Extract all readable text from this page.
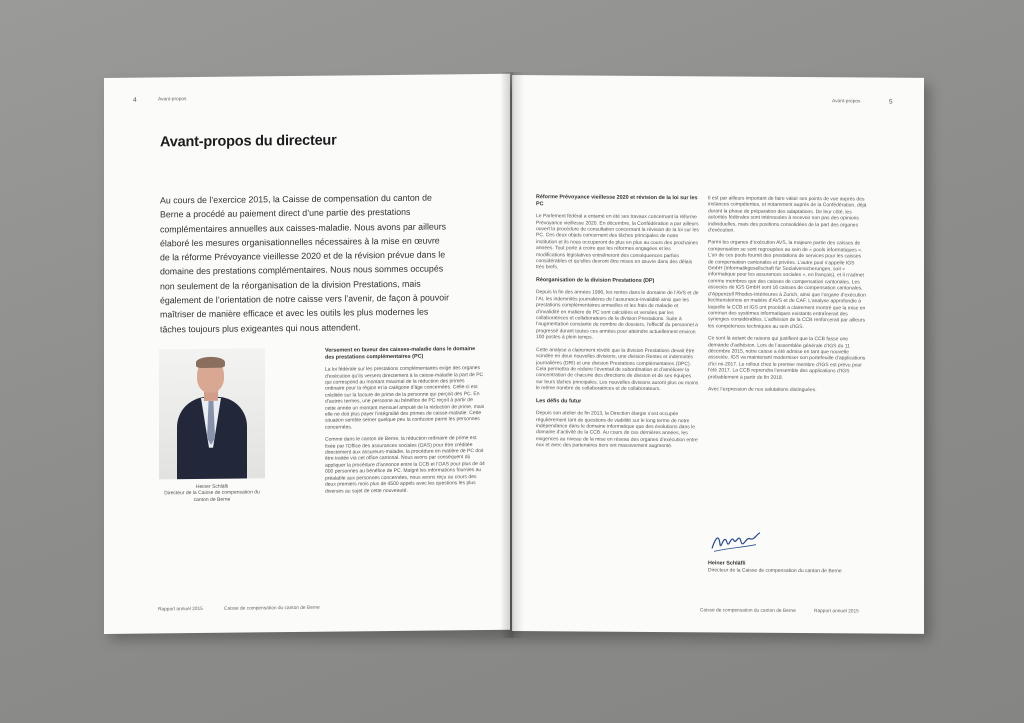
4	Avant-propos
Avant-propos du directeur
Au cours de l’exercice 2015, la Caisse de compensation du canton de Berne a procédé au paiement direct d’une partie des prestations complémentaires annuelles aux caisses-maladie. Nous avons par ailleurs élaboré les mesures organisationnelles nécessaires à la mise en œuvre de la réforme Prévoyance vieillesse 2020 et de la révision prévue dans le domaine des prestations complémentaires. Nous nous sommes occupés non seulement de la réorganisation de la division Prestations, mais également de l’orientation de notre caisse vers l’avenir, de façon à pouvoir maîtriser de manière efficace et avec les outils les plus modernes les tâches toujours plus exigeantes qui nous attendent.
Heiner Schläfli
Directeur de la Caisse de compensation du canton de Berne

Versement en faveur des caisses-maladie dans le domaine des prestations complémentaires (PC)

La loi fédérale sur les prestations complémentaires exige des organes d’exécution qu’ils versent directement à la caisse-maladie la part de PC qui correspond au montant maximal de la réduction des primes ordinaire pour la région et la catégorie d’âge concernées. Celle-ci est créditée sur la facture de prime de la personne qui perçoit des PC. En d’autres termes, une personne au bénéfice de PC reçoit à partir de cette année un montant mensuel amputé de la réduction de prime, mais elle ne doit plus payer l’intégralité des primes de caisse-maladie. Cette situation semble semer quelque peu la confusion parmi les personnes concernées.

Comme dans le canton de Berne, la réduction ordinaire de prime est fixée par l’Office des assurances sociales (OAS) pour être créditée directement aux assureurs-maladie, la procédure en matière de PC doit être traitée via cet office cantonal. Nous avons par conséquent dû appliquer la procédure d’annonce entre la CCB et l’OAS pour plus de 44 000 personnes au bénéfice de PC. Malgré les informations fournies au préalable aux personnes concernées, nous avons reçu au cours des deux premiers mois plus de 4500 appels avec les questions les plus diverses au sujet de cette nouveauté.

Rapport annuel 2015	Caisse de compensation du canton de Berne
Avant-propos	5

Réforme Prévoyance vieillesse 2020 et révision de la loi sur les PC

Le Parlement fédéral a entamé en été ses travaux concernant la réforme Prévoyance vieillesse 2020. En décembre, la Confédération a par ailleurs ouvert la procédure de consultation concernant la révision de la loi sur les PC. Ces deux objets concernent des tâches principales de notre institution et ils nous occuperont de plus en plus au cours des prochaines années. Tout porte à croire que les réformes engagées et les modifications législatives entraîneront des conséquences parfois considérables et qu’elles devront être mises en œuvre dans des délais très brefs.

Réorganisation de la division Prestations (DP)

Depuis la fin des années 1990, les rentes dans le domaine de l’AVS et de l’AI, les indemnités journalières de l’assurance-invalidité ainsi que les prestations complémentaires annuelles et les frais de maladie et d’invalidité en matière de PC sont calculées et versées par les collaboratrices et collaborateurs de la division Prestations. Suite à l’augmentation constante du nombre de dossiers, l’effectif du personnel a progressé durant toutes ces années pour atteindre actuellement environ 100 postes à plein temps.

Cette analyse a clairement révélé que la division Prestations devait être scindée en deux nouvelles divisions, une division Rentes et indemnités journalières (DRI) et une division Prestations complémentaires (DPC). Cela permettra de réduire l’éventail de subordination et d’améliorer la concentration de chacune des directions de division et de ses équipes sur leurs tâches principales. Les nouvelles divisions auront plus ou moins le même nombre de collaboratrices et de collaborateurs.

Les défis du futur

Depuis son atelier de fin 2013, la Direction élargie s’est occupée régulièrement tant de questions de viabilité sur le long terme de notre indépendance dans le domaine informatique que des évolutions dans le domaine d’activité de la CCB. Au cours de ces dernières années, les exigences au niveau de la mise en réseau des organes d’exécution entre eux et avec des partenaires tiers ont massivement augmenté.

Il est par ailleurs important de faire valoir ses points de vue auprès des instances compétentes, et notamment auprès de la Confédération, déjà durant la phase de préparation des adaptations. De leur côté, les autorités fédérales sont intéressées à recevoir non pas des opinions individuelles, mais des positions consolidées de la part des organes d’exécution.

Parmi les organes d’exécution AVS, la majeure partie des caisses de compensation se sont regroupées au sein de « pools informatiques ». L’un de ces pools fournit des prestations de services pour les caisses de compensation cantonales et privées. L’autre pool s’appelle IGS GmbH (Informatikgesellschaft für Sozialversicherungen, soit « informatique pour les assurances sociales », en français), et il n’admet comme membres que des caisses de compensation cantonales. Les associés de IGS GmbH sont 16 caisses de compensation cantonales, d’Appenzell Rhodes-Intérieures à Zurich, ainsi que l’organe d’exécution liechtensteinois en matière d’AVS et de CAF. L’analyse approfondie à laquelle la CCB et IGS ont procédé a clairement montré que la mise en commun des systèmes informatiques existants entraînerait des synergies considérables. L’adhésion de la CCB renforcerait par ailleurs les compétences techniques au sein d’IGS.

Ce sont là autant de raisons qui justifient que la CCB fasse une demande d’adhésion. Lors de l’assemblée générale d’IGS du 11 décembre 2015, notre caisse a été admise en tant que nouvelle associée. IGS va maintenant moderniser son portefeuille d’applications d’ici mi-2017. Le rollout chez le premier membre d’IGS est prévu pour l’été 2017. La CCB reprendra l’ensemble des applications d’IGS probablement à partir de fin 2018.

Avec l’expression de nos salutations distinguées.

Heiner Schläfli
Directeur de la Caisse de compensation du canton de Berne
Caisse de compensation du canton de Berne	Rapport annuel 2015
